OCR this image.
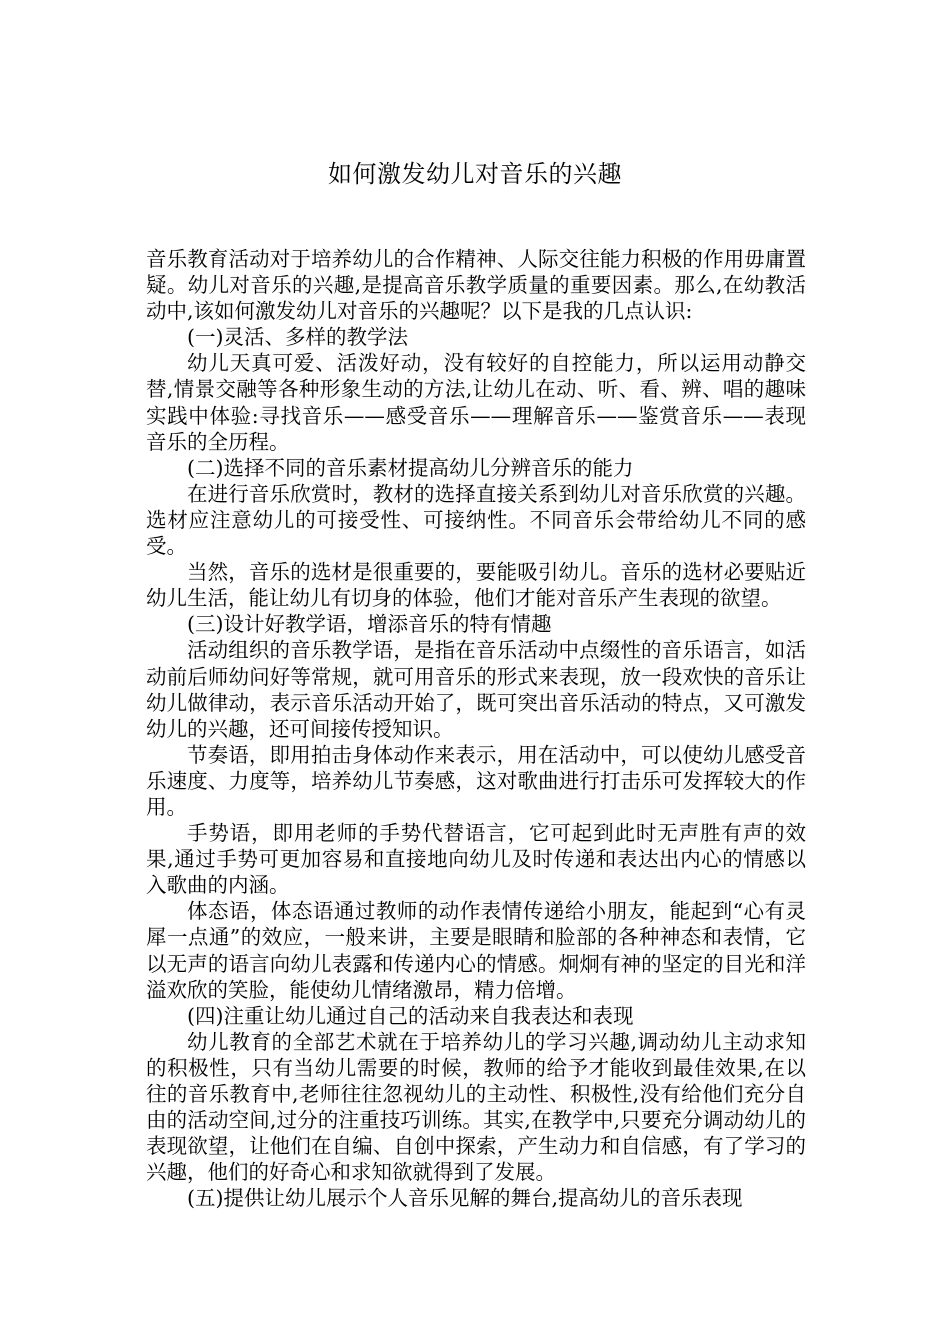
如何激发幼儿对音乐的兴趣

音乐教育活动对于培养幼儿的合作精神、人际交往能力积极的作用毋庸置疑。幼儿对音乐的兴趣,是提高音乐教学质量的重要因素。那么,在幼教活动中,该如何激发幼儿对音乐的兴趣呢？以下是我的几点认识:

(一)灵活、多样的教学法

幼儿天真可爱、活泼好动，没有较好的自控能力，所以运用动静交替,情景交融等各种形象生动的方法,让幼儿在动、听、看、辨、唱的趣味实践中体验:寻找音乐——感受音乐——理解音乐——鉴赏音乐——表现音乐的全历程。

(二)选择不同的音乐素材提高幼儿分辨音乐的能力

在进行音乐欣赏时，教材的选择直接关系到幼儿对音乐欣赏的兴趣。选材应注意幼儿的可接受性、可接纳性。不同音乐会带给幼儿不同的感受。

当然，音乐的选材是很重要的，要能吸引幼儿。音乐的选材必要贴近幼儿生活，能让幼儿有切身的体验，他们才能对音乐产生表现的欲望。

(三)设计好教学语，增添音乐的特有情趣

活动组织的音乐教学语，是指在音乐活动中点缀性的音乐语言，如活动前后师幼问好等常规，就可用音乐的形式来表现，放一段欢快的音乐让幼儿做律动，表示音乐活动开始了，既可突出音乐活动的特点，又可激发幼儿的兴趣，还可间接传授知识。

节奏语，即用拍击身体动作来表示，用在活动中，可以使幼儿感受音乐速度、力度等，培养幼儿节奏感，这对歌曲进行打击乐可发挥较大的作用。

手势语，即用老师的手势代替语言，它可起到此时无声胜有声的效果,通过手势可更加容易和直接地向幼儿及时传递和表达出内心的情感以入歌曲的内涵。

体态语，体态语通过教师的动作表情传递给小朋友，能起到“心有灵犀一点通”的效应，一般来讲，主要是眼睛和脸部的各种神态和表情，它以无声的语言向幼儿表露和传递内心的情感。炯炯有神的坚定的目光和洋溢欢欣的笑脸，能使幼儿情绪激昂，精力倍增。

(四)注重让幼儿通过自己的活动来自我表达和表现

幼儿教育的全部艺术就在于培养幼儿的学习兴趣,调动幼儿主动求知的积极性，只有当幼儿需要的时候，教师的给予才能收到最佳效果,在以往的音乐教育中,老师往往忽视幼儿的主动性、积极性,没有给他们充分自由的活动空间,过分的注重技巧训练。其实,在教学中,只要充分调动幼儿的表现欲望，让他们在自编、自创中探索，产生动力和自信感，有了学习的兴趣，他们的好奇心和求知欲就得到了发展。

(五)提供让幼儿展示个人音乐见解的舞台,提高幼儿的音乐表现
